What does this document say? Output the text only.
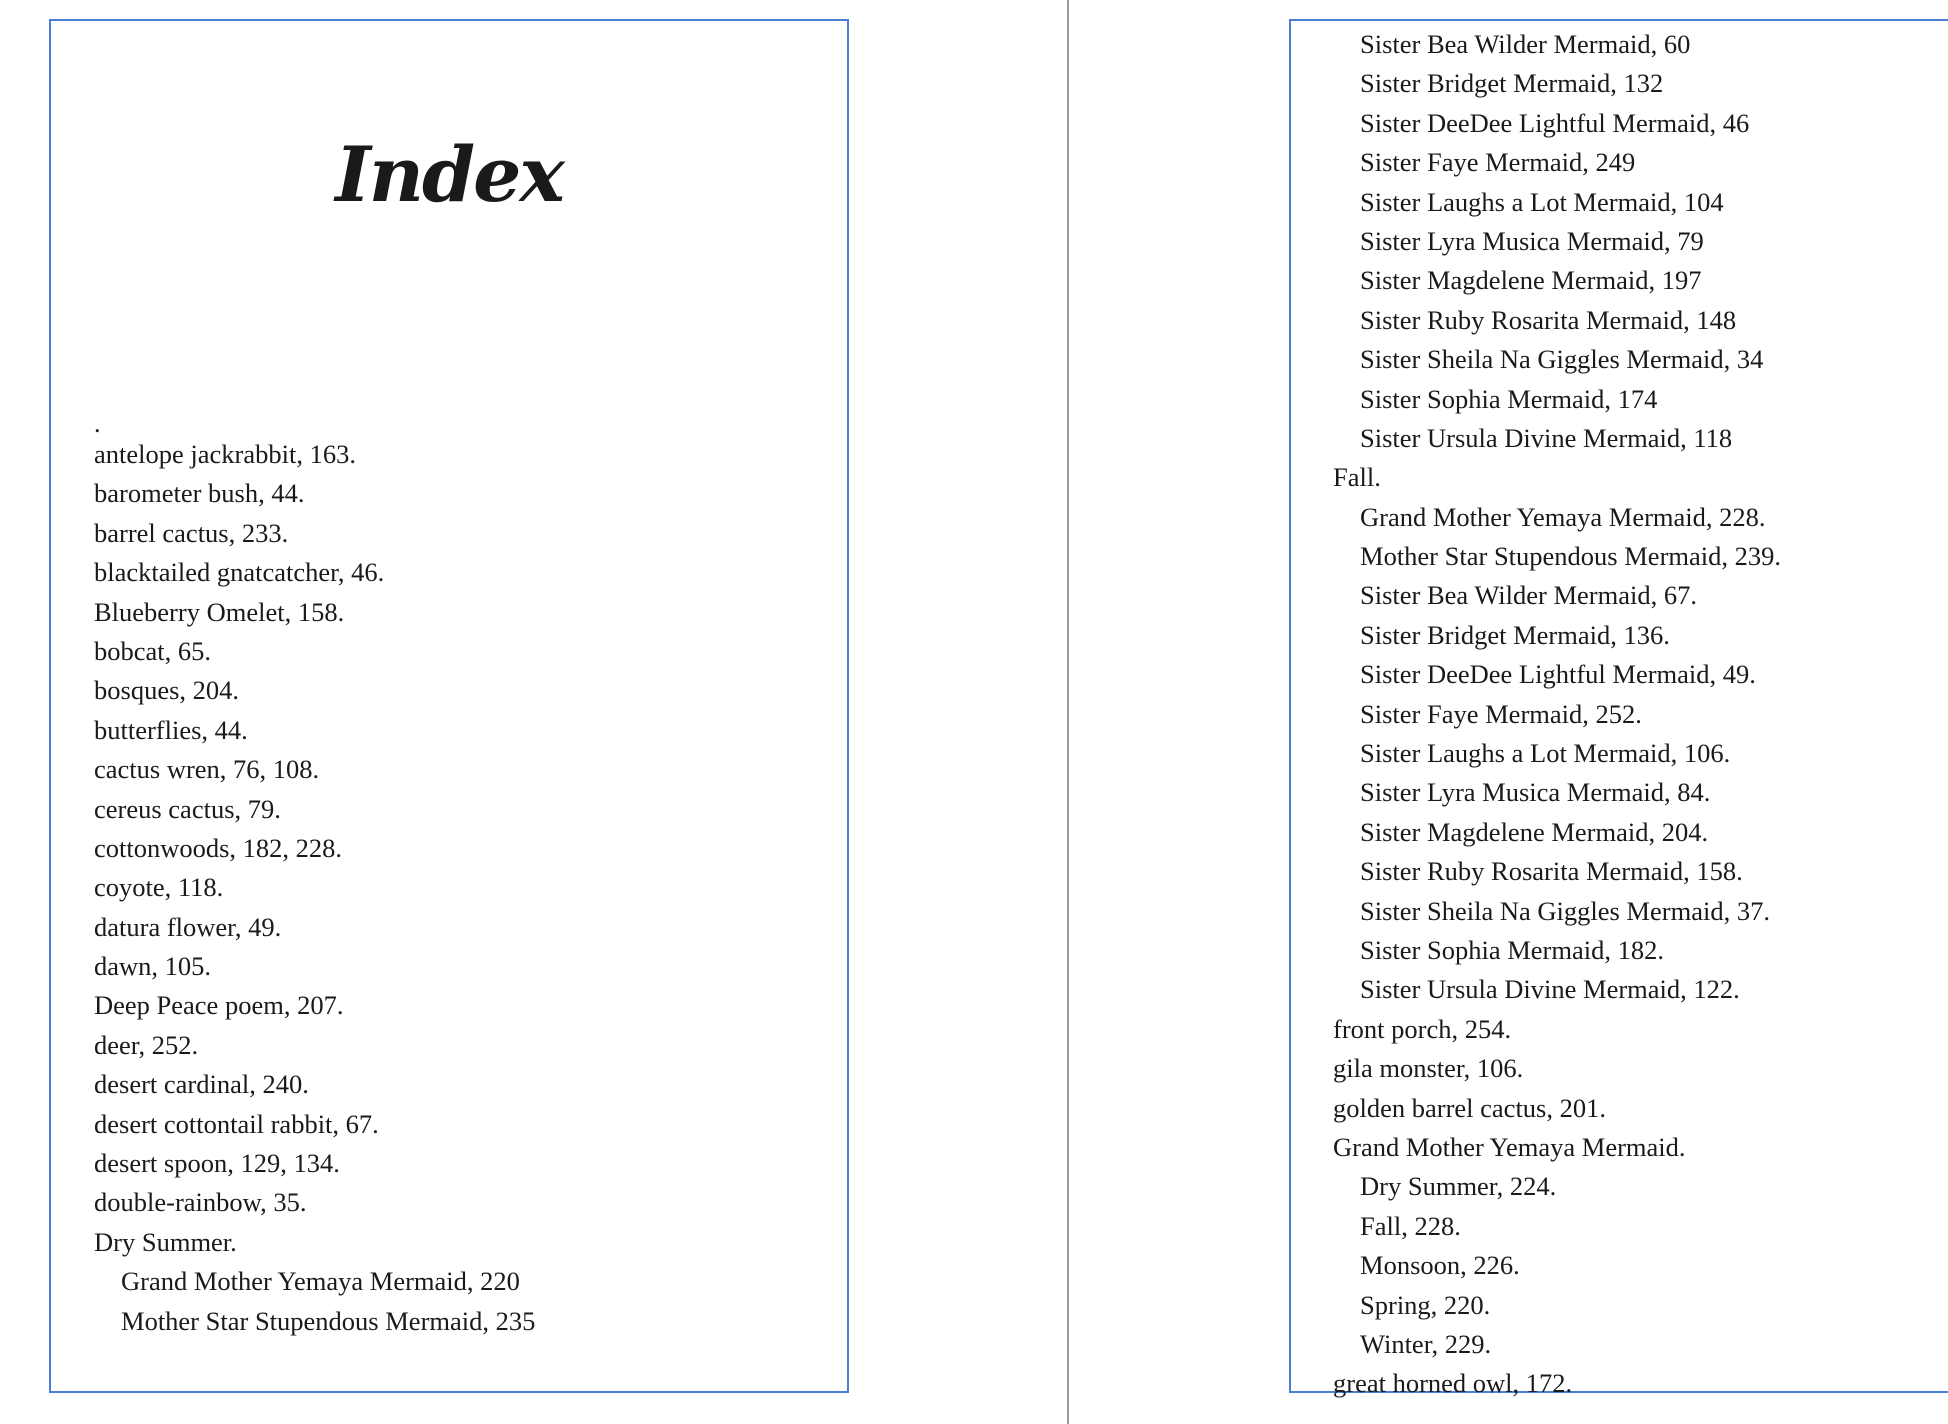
Index
.
antelope jackrabbit, 163.
barometer bush, 44.
barrel cactus, 233.
blacktailed gnatcatcher, 46.
Blueberry Omelet, 158.
bobcat, 65.
bosques, 204.
butterflies, 44.
cactus wren, 76, 108.
cereus cactus, 79.
cottonwoods, 182, 228.
coyote, 118.
datura flower, 49.
dawn, 105.
Deep Peace poem, 207.
deer, 252.
desert cardinal, 240.
desert cottontail rabbit, 67.
desert spoon, 129, 134.
double-rainbow, 35.
Dry Summer.
Grand Mother Yemaya Mermaid, 220
Mother Star Stupendous Mermaid, 235
Sister Bea Wilder Mermaid, 60
Sister Bridget Mermaid, 132
Sister DeeDee Lightful Mermaid, 46
Sister Faye Mermaid, 249
Sister Laughs a Lot Mermaid, 104
Sister Lyra Musica Mermaid, 79
Sister Magdelene Mermaid, 197
Sister Ruby Rosarita Mermaid, 148
Sister Sheila Na Giggles Mermaid, 34
Sister Sophia Mermaid, 174
Sister Ursula Divine Mermaid, 118
Fall.
Grand Mother Yemaya Mermaid, 228.
Mother Star Stupendous Mermaid, 239.
Sister Bea Wilder Mermaid, 67.
Sister Bridget Mermaid, 136.
Sister DeeDee Lightful Mermaid, 49.
Sister Faye Mermaid, 252.
Sister Laughs a Lot Mermaid, 106.
Sister Lyra Musica Mermaid, 84.
Sister Magdelene Mermaid, 204.
Sister Ruby Rosarita Mermaid, 158.
Sister Sheila Na Giggles Mermaid, 37.
Sister Sophia Mermaid, 182.
Sister Ursula Divine Mermaid, 122.
front porch, 254.
gila monster, 106.
golden barrel cactus, 201.
Grand Mother Yemaya Mermaid.
Dry Summer, 224.
Fall, 228.
Monsoon, 226.
Spring, 220.
Winter, 229.
great horned owl, 172.
